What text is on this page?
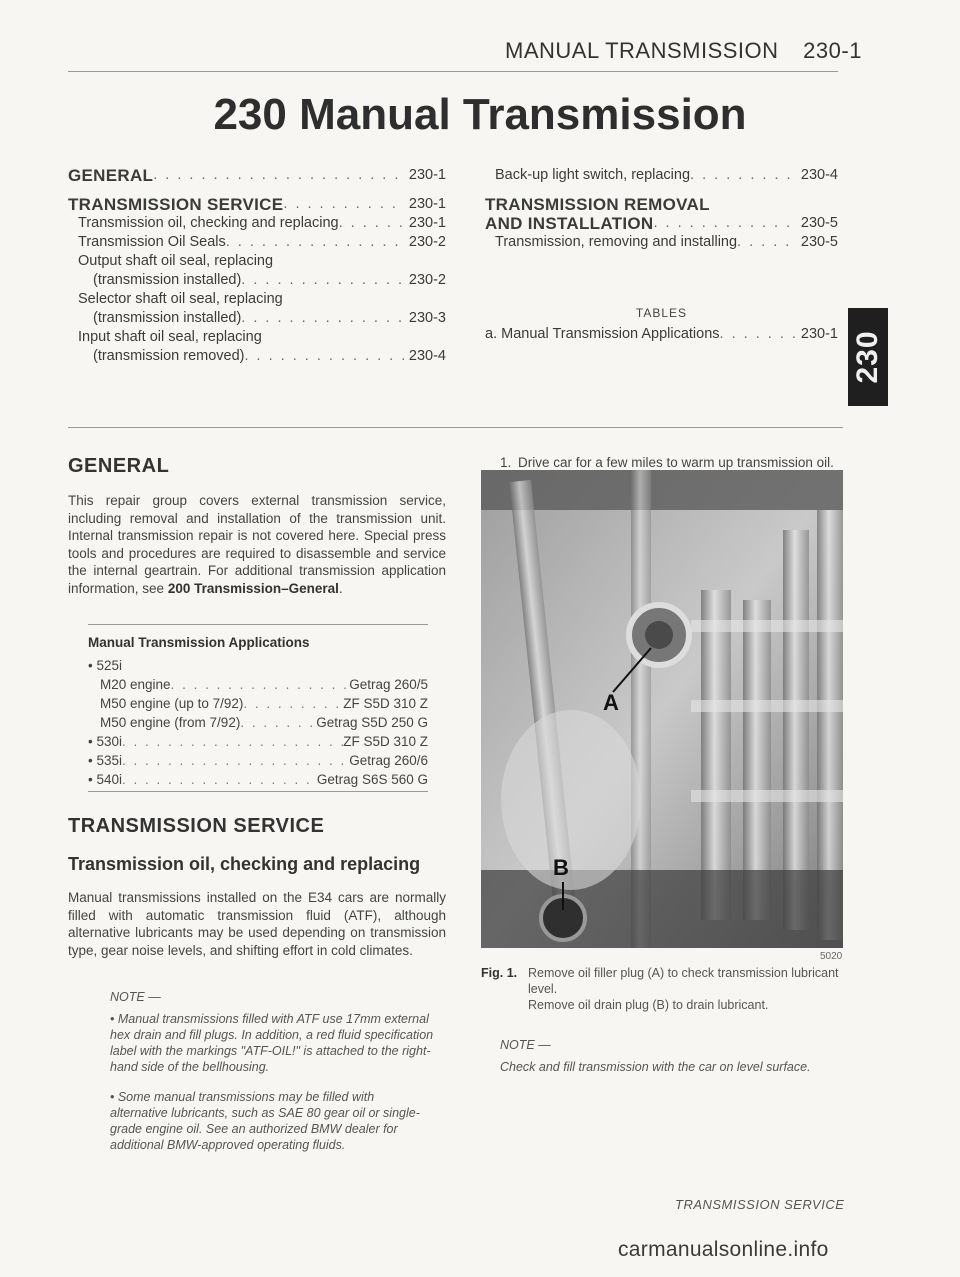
MANUAL TRANSMISSION 230-1
230 Manual Transmission
GENERAL . . .	230-1
TRANSMISSION SERVICE . . .	230-1
Transmission oil, checking and replacing . . .	230-1
Transmission Oil Seals . . .	230-2
Output shaft oil seal, replacing
(transmission installed) . . .	230-2
Selector shaft oil seal, replacing
(transmission installed) . . .	230-3
Input shaft oil seal, replacing
(transmission removed) . . .	230-4
Back-up light switch, replacing . . .	230-4
TRANSMISSION REMOVAL
AND INSTALLATION . . .	230-5
Transmission, removing and installing . . .	230-5
TABLES
a. Manual Transmission Applications . . .	230-1 230
GENERAL
This repair group covers external transmission service, including removal and installation of the transmission unit. Internal transmission repair is not covered here. Special press tools and procedures are required to disassemble and service the internal geartrain. For additional transmission application information, see 200 Transmission–General.
Manual Transmission Applications
• 525i
M20 engine . . .	Getrag 260/5
M50 engine (up to 7/92) . . .	ZF S5D 310 Z
M50 engine (from 7/92) . . .	Getrag S5D 250 G
• 530i . . .	ZF S5D 310 Z
• 535i . . .	Getrag 260/6
• 540i . . .	Getrag S6S 560 G
TRANSMISSION SERVICE
Transmission oil, checking and replacing
Manual transmissions installed on the E34 cars are normally filled with automatic transmission fluid (ATF), although alternative lubricants may be used depending on transmission type, gear noise levels, and shifting effort in cold climates.
NOTE —

• Manual transmissions filled with ATF use 17mm external hex drain and fill plugs. In addition, a red fluid specification label with the markings "ATF-OIL!" is attached to the right-hand side of the bellhousing.

• Some manual transmissions may be filled with alternative lubricants, such as SAE 80 gear oil or single-grade engine oil. See an authorized BMW dealer for additional BMW-approved operating fluids.

1. Drive car for a few miles to warm up transmission oil.
A
B
5020
Fig. 1. Remove oil filler plug (A) to check transmission lubricant level.
Remove oil drain plug (B) to drain lubricant.
NOTE —
Check and fill transmission with the car on level surface.
TRANSMISSION SERVICE
carmanualsonline.info
